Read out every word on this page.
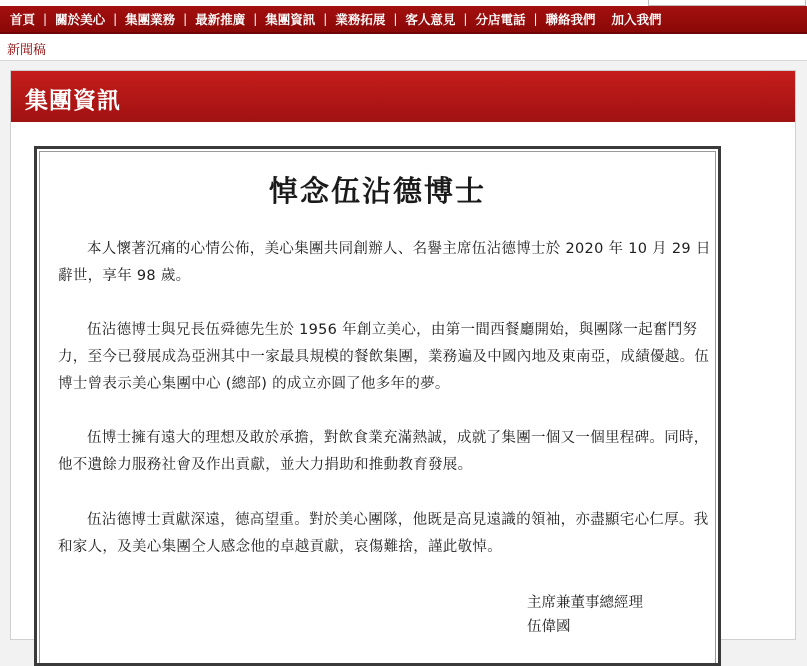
首頁 | 關於美心 | 集團業務 | 最新推廣 | 集團資訊 | 業務拓展 | 客人意見 | 分店電話 | 聯絡我們 加入我們
新聞稿
集團資訊
悼念伍沾德博士

本人懷著沉痛的心情公佈，美心集團共同創辦人、名譽主席伍沾德博士於 2020 年 10 月 29 日辭世，享年 98 歲。

伍沾德博士與兄長伍舜德先生於 1956 年創立美心，由第一間西餐廳開始，與團隊一起奮鬥努力，至今已發展成為亞洲其中一家最具規模的餐飲集團，業務遍及中國內地及東南亞，成績優越。伍博士曾表示美心集團中心 (總部) 的成立亦圓了他多年的夢。

伍博士擁有遠大的理想及敢於承擔，對飲食業充滿熱誠，成就了集團一個又一個里程碑。同時，他不遺餘力服務社會及作出貢獻，並大力捐助和推動教育發展。

伍沾德博士貢獻深遠，德高望重。對於美心團隊，他既是高見遠識的領袖，亦盡顯宅心仁厚。我和家人，及美心集團仝人感念他的卓越貢獻，哀傷難捨，謹此敬悼。

主席兼董事總經理
伍偉國
